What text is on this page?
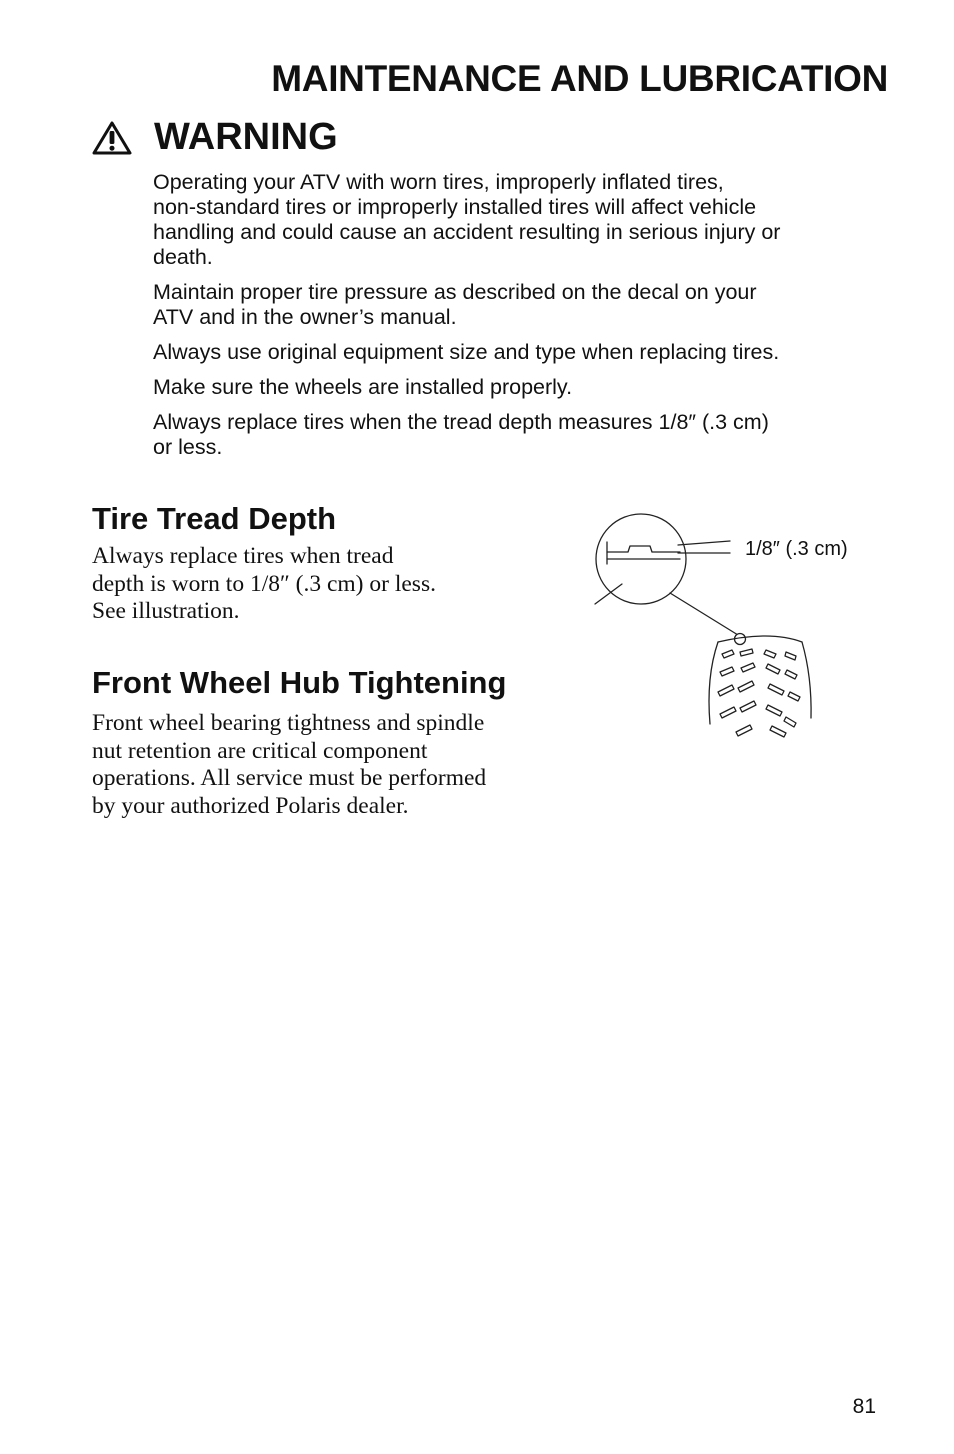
MAINTENANCE AND LUBRICATION
WARNING

Operating your ATV with worn tires, improperly inflated tires,
non-standard tires or improperly installed tires will affect vehicle
handling and could cause an accident resulting in serious injury or
death.

Maintain proper tire pressure as described on the decal on your
ATV and in the owner’s manual.

Always use original equipment size and type when replacing tires.

Make sure the wheels are installed properly.

Always replace tires when the tread depth measures 1/8″ (.3 cm)
or less.

Tire Tread Depth

Always replace tires when tread
depth is worn to 1/8″ (.3 cm) or less.
See illustration.

1/8″ (.3 cm)
Front Wheel Hub Tightening

Front wheel bearing tightness and spindle
nut retention are critical component
operations. All service must be performed
by your authorized Polaris dealer.

81
